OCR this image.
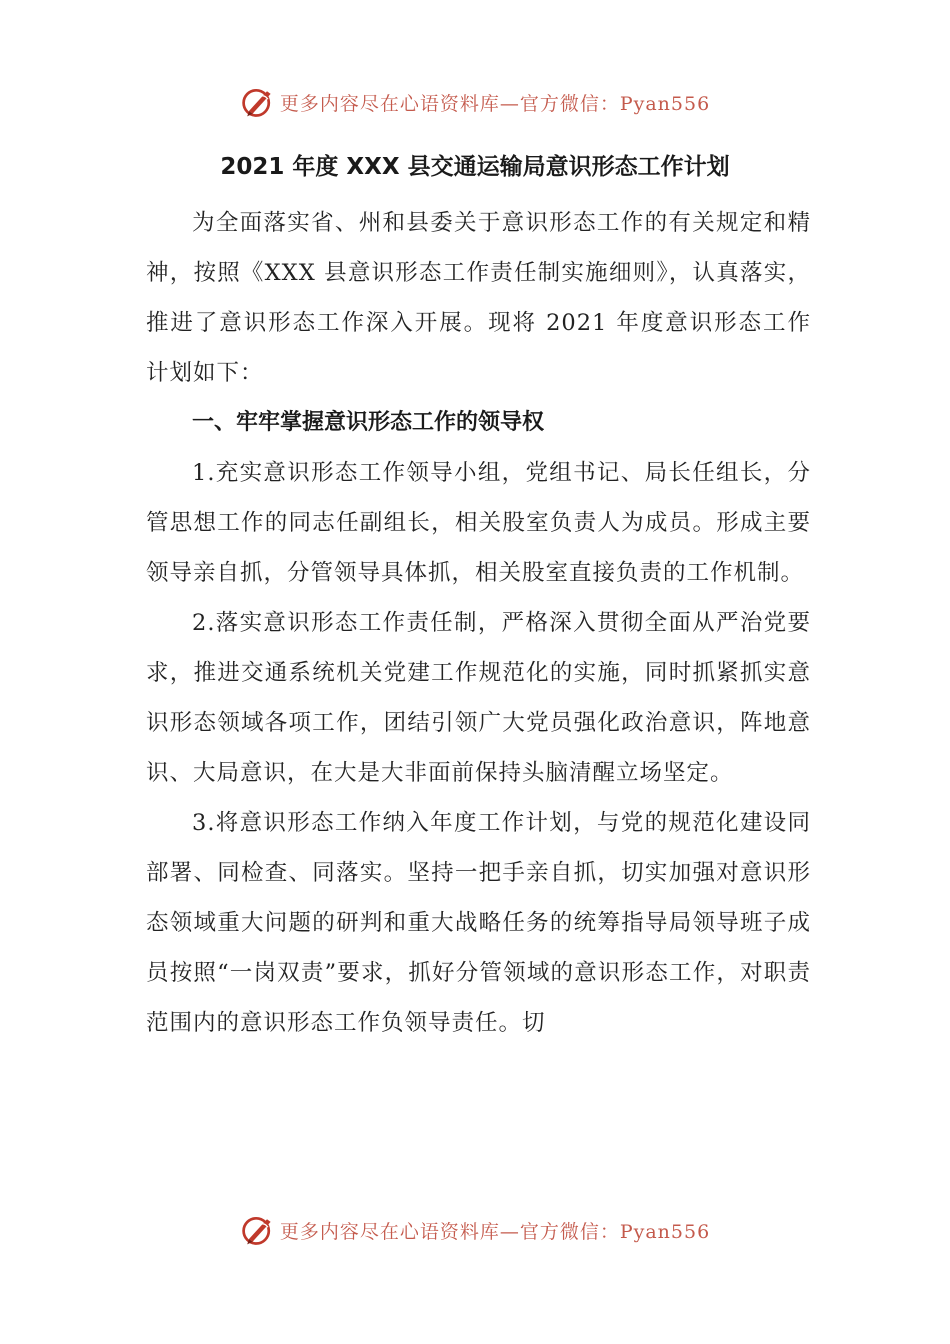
更多内容尽在心语资料库—官方微信：Pyan556
2021 年度 XXX 县交通运输局意识形态工作计划

为全面落实省、州和县委关于意识形态工作的有关规定和精神，按照《XXX 县意识形态工作责任制实施细则》，认真落实，推进了意识形态工作深入开展。现将 2021 年度意识形态工作计划如下：

一、牢牢掌握意识形态工作的领导权

1.充实意识形态工作领导小组，党组书记、局长任组长，分管思想工作的同志任副组长，相关股室负责人为成员。形成主要领导亲自抓，分管领导具体抓，相关股室直接负责的工作机制。

2.落实意识形态工作责任制，严格深入贯彻全面从严治党要求，推进交通系统机关党建工作规范化的实施，同时抓紧抓实意识形态领域各项工作，团结引领广大党员强化政治意识，阵地意识、大局意识，在大是大非面前保持头脑清醒立场坚定。

3.将意识形态工作纳入年度工作计划，与党的规范化建设同部署、同检查、同落实。坚持一把手亲自抓，切实加强对意识形态领域重大问题的研判和重大战略任务的统筹指导局领导班子成员按照“一岗双责”要求，抓好分管领域的意识形态工作，对职责范围内的意识形态工作负领导责任。切

更多内容尽在心语资料库—官方微信：Pyan556
